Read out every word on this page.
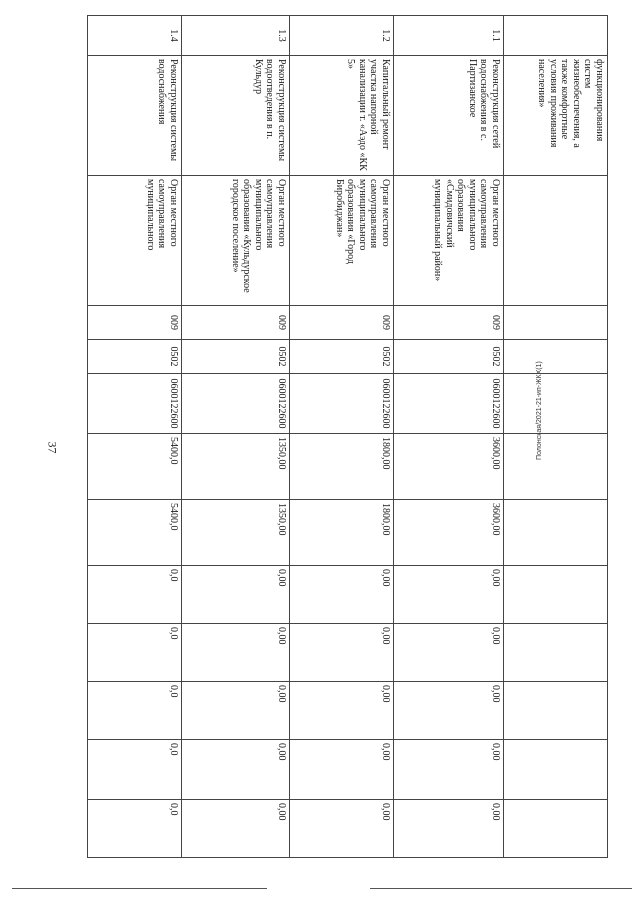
37	Полонская/2021-21-ип-ЖКХ(1)
	функционирования систем жизнеобеспечения, а также комфортные условия проживания населения»											
1.1	Реконструкция сетей водоснабжения в с. Партизанское	Орган местного самоуправления муниципального образования «Смидовичский муниципальный район»	009	0502	0600122600	3600,00	3600,00	0,00	0,00	0,00	0,00	0,00
1.2	Капитальный ремонт участка напорной канализации т. «Аэдо «КК 5»	Орган местного самоуправления муниципального образования «Город Биробиджан»	009	0502	0600122600	1800,00	1800,00	0,00	0,00	0,00	0,00	0,00
1.3	Реконструкция системы водоотведения в п. Кульдур	Орган местного самоуправления муниципального образования «Кульдурское городское поселение»	009	0502	0600122600	1350,00	1350,00	0,00	0,00	0,00	0,00	0,00
1.4	Реконструкция системы водоснабжения	Орган местного самоуправления муниципального	009	0502	0600122600	5400,0	5400,0	0,0	0,0	0,0	0,0	0,0
